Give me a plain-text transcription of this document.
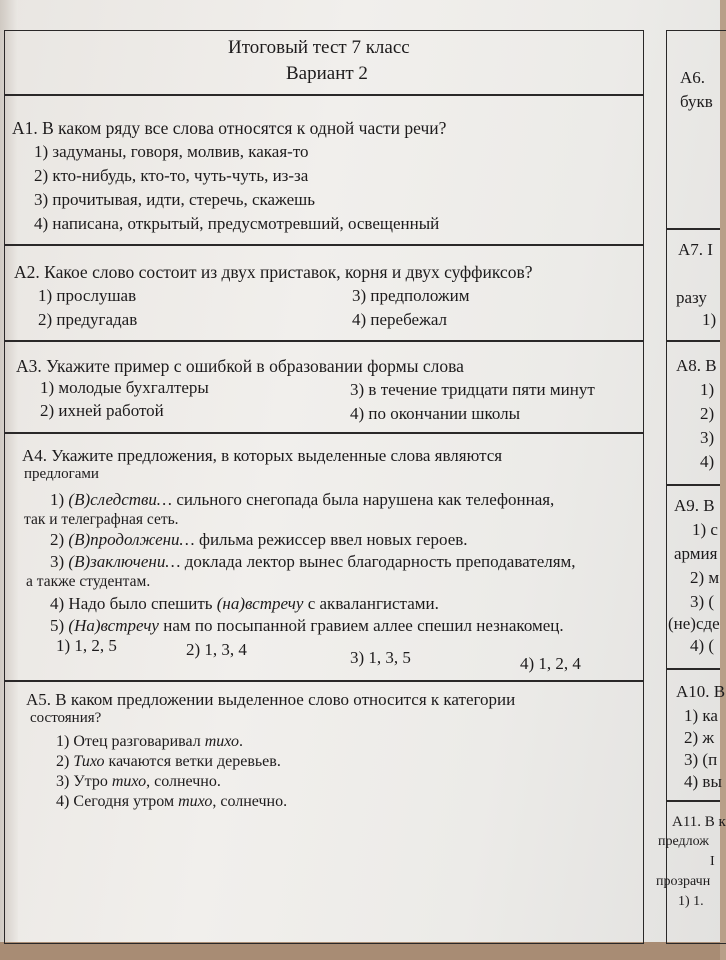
Итоговый тест 7 класс
Вариант 2
А1. В каком ряду все слова относятся к одной части речи?
1) задуманы, говоря, молвив, какая-то
2) кто-нибудь, кто-то, чуть-чуть, из-за
3) прочитывая, идти, стеречь, скажешь
4) написана, открытый, предусмотревший, освещенный
А2. Какое слово состоит из двух приставок, корня и двух суффиксов?
1) прослушав
2) предугадав
3) предположим
4) перебежал
А3. Укажите пример с ошибкой в образовании формы слова
1) молодые бухгалтеры
2) ихней работой
3) в течение тридцати пяти минут
4) по окончании школы
А4. Укажите предложения, в которых выделенные слова являются
предлогами
1) (В)следстви… сильного снегопада была нарушена как телефонная,
так и телеграфная сеть.
2) (В)продолжени… фильма режиссер ввел новых героев.
3) (В)заключени… доклада лектор вынес благодарность преподавателям,
а также студентам.
4) Надо было спешить (на)встречу с аквалангистами.
5) (На)встречу нам по посыпанной гравием аллее спешил незнакомец.
1) 1, 2, 5	2) 1, 3, 4	3) 1, 3, 5	4) 1, 2, 4
А5. В каком предложении выделенное слово относится к категории
состояния?
1) Отец разговаривал тихо.
2) Тихо качаются ветки деревьев.
3) Утро тихо, солнечно.
4) Сегодня утром тихо, солнечно.
А6.
букв
А7. I
разу
1)
А8. В
1)
2)
3)
4)
А9. В
1) с
армия
2) м
3) (
(не)сде
4) (
А10. В
1) ка
2) ж
3) (п
4) вы
А11. В к
предлож
I
прозрачн
1) 1.
